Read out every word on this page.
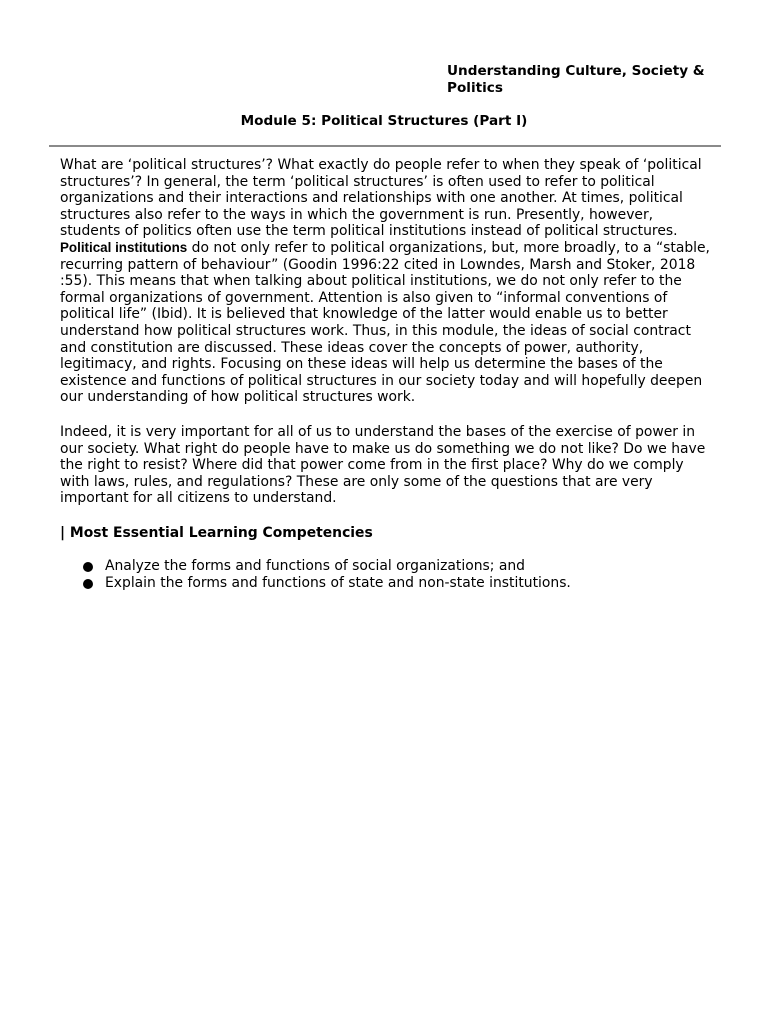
Understanding Culture, Society & Politics
Module 5: Political Structures (Part I)

What are ‘political structures’? What exactly do people refer to when they speak of ‘political structures’? In general, the term ‘political structures’ is often used to refer to political organizations and their interactions and relationships with one another. At times, political structures also refer to the ways in which the government is run. Presently, however, students of politics often use the term political institutions instead of political structures. Political institutions do not only refer to political organizations, but, more broadly, to a “stable, recurring pattern of behaviour” (Goodin 1996:22 cited in Lowndes, Marsh and Stoker, 2018 :55). This means that when talking about political institutions, we do not only refer to the formal organizations of government. Attention is also given to “informal conventions of political life” (Ibid). It is believed that knowledge of the latter would enable us to better understand how political structures work. Thus, in this module, the ideas of social contract and constitution are discussed. These ideas cover the concepts of power, authority, legitimacy, and rights. Focusing on these ideas will help us determine the bases of the existence and functions of political structures in our society today and will hopefully deepen our understanding of how political structures work.

Indeed, it is very important for all of us to understand the bases of the exercise of power in our society. What right do people have to make us do something we do not like? Do we have the right to resist? Where did that power come from in the first place? Why do we comply with laws, rules, and regulations? These are only some of the questions that are very important for all citizens to understand.

| Most Essential Learning Competencies
Analyze the forms and functions of social organizations; and
Explain the forms and functions of state and non-state institutions.
